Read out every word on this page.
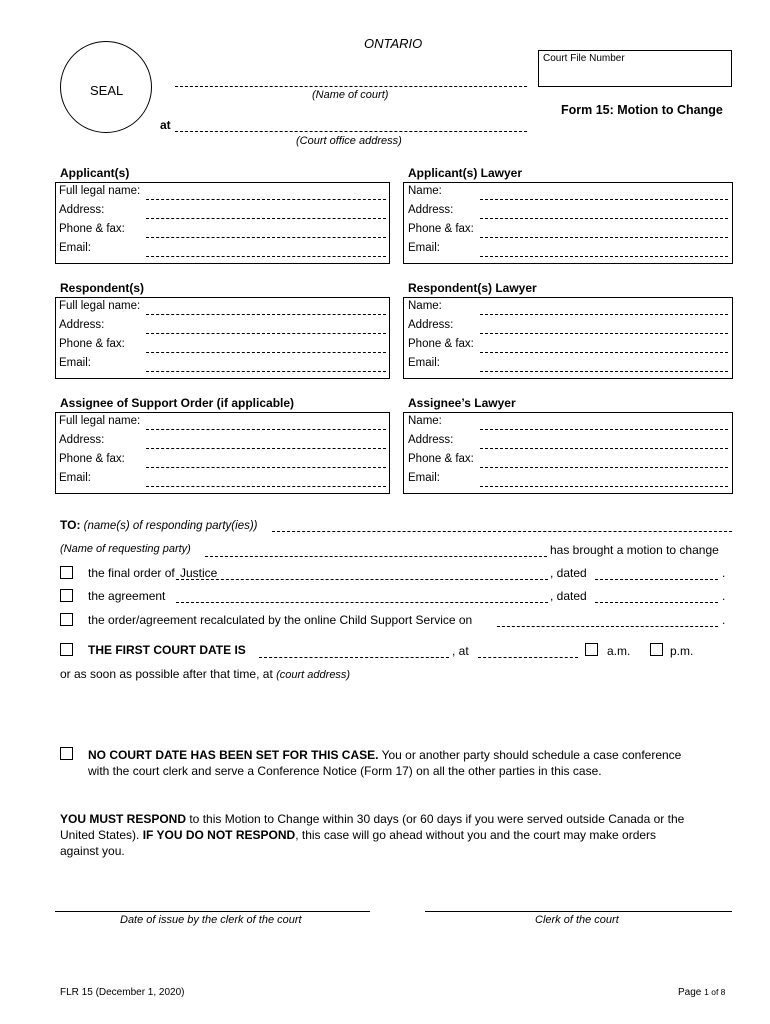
ONTARIO
SEAL
Court File Number
(Name of court)
Form 15: Motion to Change
at
(Court office address)
Applicant(s)	Applicant(s) Lawyer
Full legal name:	Name:
Address:	Address:
Phone & fax:	Phone & fax:
Email:	Email:
Respondent(s)	Respondent(s) Lawyer
Full legal name:	Name:
Address:	Address:
Phone & fax:	Phone & fax:
Email:	Email:
Assignee of Support Order (if applicable)	Assignee’s Lawyer
Full legal name:	Name:
Address:	Address:
Phone & fax:	Phone & fax:
Email:	Email:
TO: (name(s) of responding party(ies))
(Name of requesting party)	has brought a motion to change
the final order of Justice	, dated	.
the agreement	, dated	.
the order/agreement recalculated by the online Child Support Service on	.
THE FIRST COURT DATE IS	, at	a.m.	p.m.
or as soon as possible after that time, at (court address)
NO COURT DATE HAS BEEN SET FOR THIS CASE. You or another party should schedule a case conference
with the court clerk and serve a Conference Notice (Form 17) on all the other parties in this case.
YOU MUST RESPOND to this Motion to Change within 30 days (or 60 days if you were served outside Canada or the
United States). IF YOU DO NOT RESPOND, this case will go ahead without you and the court may make orders
against you.
Date of issue by the clerk of the court	Clerk of the court
FLR 15 (December 1, 2020)	Page 1 of 8
